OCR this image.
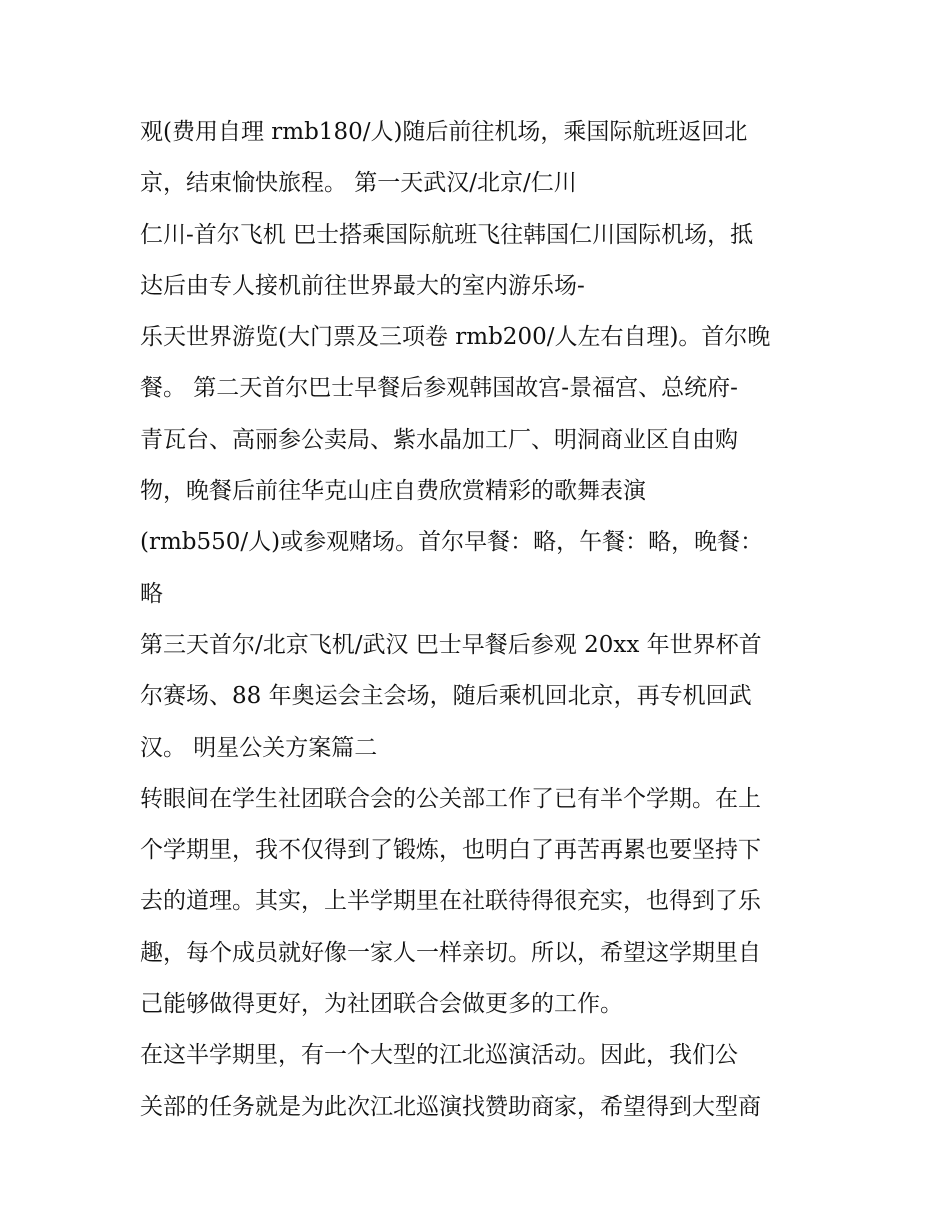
观(费用自理 rmb180/人)随后前往机场，乘国际航班返回北
京，结束愉快旅程。 第一天武汉/北京/仁川
仁川-首尔飞机 巴士搭乘国际航班飞往韩国仁川国际机场，抵
达后由专人接机前往世界最大的室内游乐场-
乐天世界游览(大门票及三项卷 rmb200/人左右自理)。首尔晚
餐。 第二天首尔巴士早餐后参观韩国故宫-景福宫、总统府-
青瓦台、高丽参公卖局、紫水晶加工厂、明洞商业区自由购
物，晚餐后前往华克山庄自费欣赏精彩的歌舞表演
(rmb550/人)或参观赌场。首尔早餐：略，午餐：略，晚餐：
略
第三天首尔/北京飞机/武汉 巴士早餐后参观 20xx 年世界杯首
尔赛场、88 年奥运会主会场，随后乘机回北京，再专机回武
汉。 明星公关方案篇二
转眼间在学生社团联合会的公关部工作了已有半个学期。在上
个学期里，我不仅得到了锻炼，也明白了再苦再累也要坚持下
去的道理。其实，上半学期里在社联待得很充实，也得到了乐
趣，每个成员就好像一家人一样亲切。所以，希望这学期里自
己能够做得更好，为社团联合会做更多的工作。
在这半学期里，有一个大型的江北巡演活动。因此，我们公
关部的任务就是为此次江北巡演找赞助商家，希望得到大型商
